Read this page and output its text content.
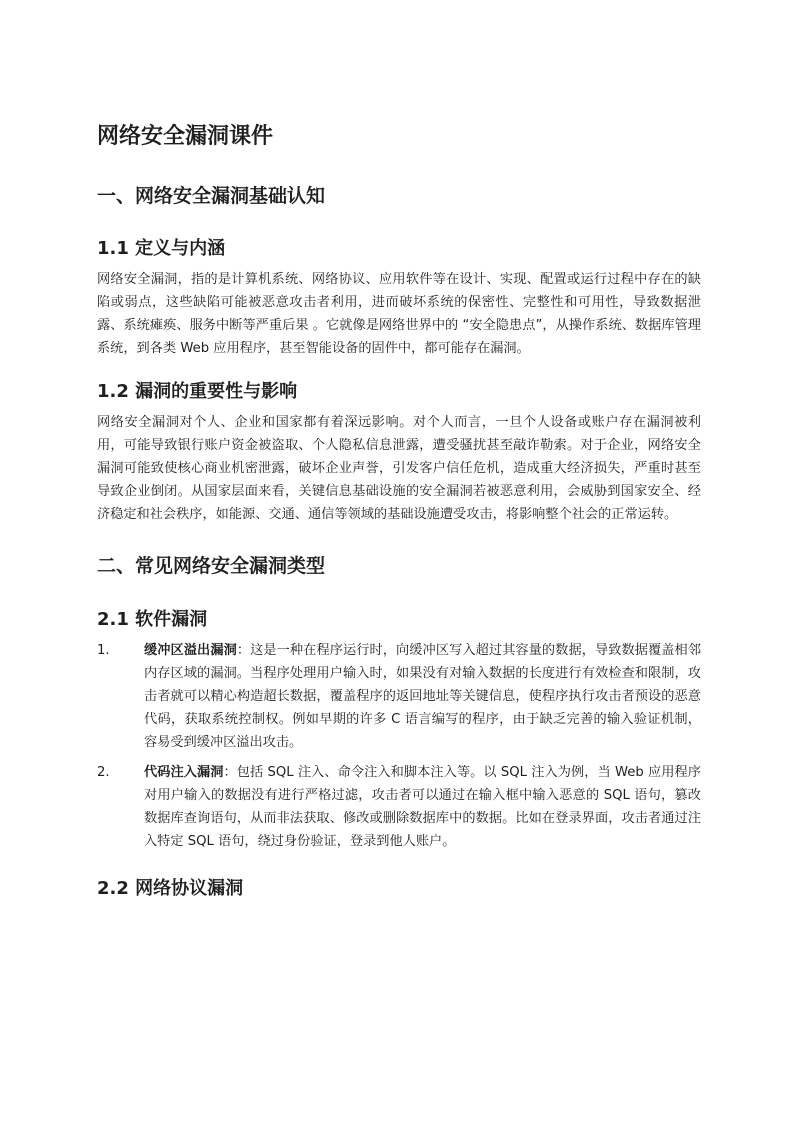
网络安全漏洞课件
一、网络安全漏洞基础认知
1.1 定义与内涵

网络安全漏洞，指的是计算机系统、网络协议、应用软件等在设计、实现、配置或运行过程中存在的缺陷或弱点，这些缺陷可能被恶意攻击者利用，进而破坏系统的保密性、完整性和可用性，导致数据泄露、系统瘫痪、服务中断等严重后果 。它就像是网络世界中的 “安全隐患点”，从操作系统、数据库管理系统，到各类 Web 应用程序，甚至智能设备的固件中，都可能存在漏洞。

1.2 漏洞的重要性与影响

网络安全漏洞对个人、企业和国家都有着深远影响。对个人而言，一旦个人设备或账户存在漏洞被利用，可能导致银行账户资金被盗取、个人隐私信息泄露，遭受骚扰甚至敲诈勒索。对于企业，网络安全漏洞可能致使核心商业机密泄露，破坏企业声誉，引发客户信任危机，造成重大经济损失，严重时甚至导致企业倒闭。从国家层面来看，关键信息基础设施的安全漏洞若被恶意利用，会威胁到国家安全、经济稳定和社会秩序，如能源、交通、通信等领域的基础设施遭受攻击，将影响整个社会的正常运转。

二、常见网络安全漏洞类型
2.1 软件漏洞
1.	缓冲区溢出漏洞：这是一种在程序运行时，向缓冲区写入超过其容量的数据，导致数据覆盖相邻内存区域的漏洞。当程序处理用户输入时，如果没有对输入数据的长度进行有效检查和限制，攻击者就可以精心构造超长数据，覆盖程序的返回地址等关键信息，使程序执行攻击者预设的恶意代码，获取系统控制权。例如早期的许多 C 语言编写的程序，由于缺乏完善的输入验证机制，容易受到缓冲区溢出攻击。
2.	代码注入漏洞：包括 SQL 注入、命令注入和脚本注入等。以 SQL 注入为例，当 Web 应用程序对用户输入的数据没有进行严格过滤，攻击者可以通过在输入框中输入恶意的 SQL 语句，篡改数据库查询语句，从而非法获取、修改或删除数据库中的数据。比如在登录界面，攻击者通过注入特定 SQL 语句，绕过身份验证，登录到他人账户。
2.2 网络协议漏洞
